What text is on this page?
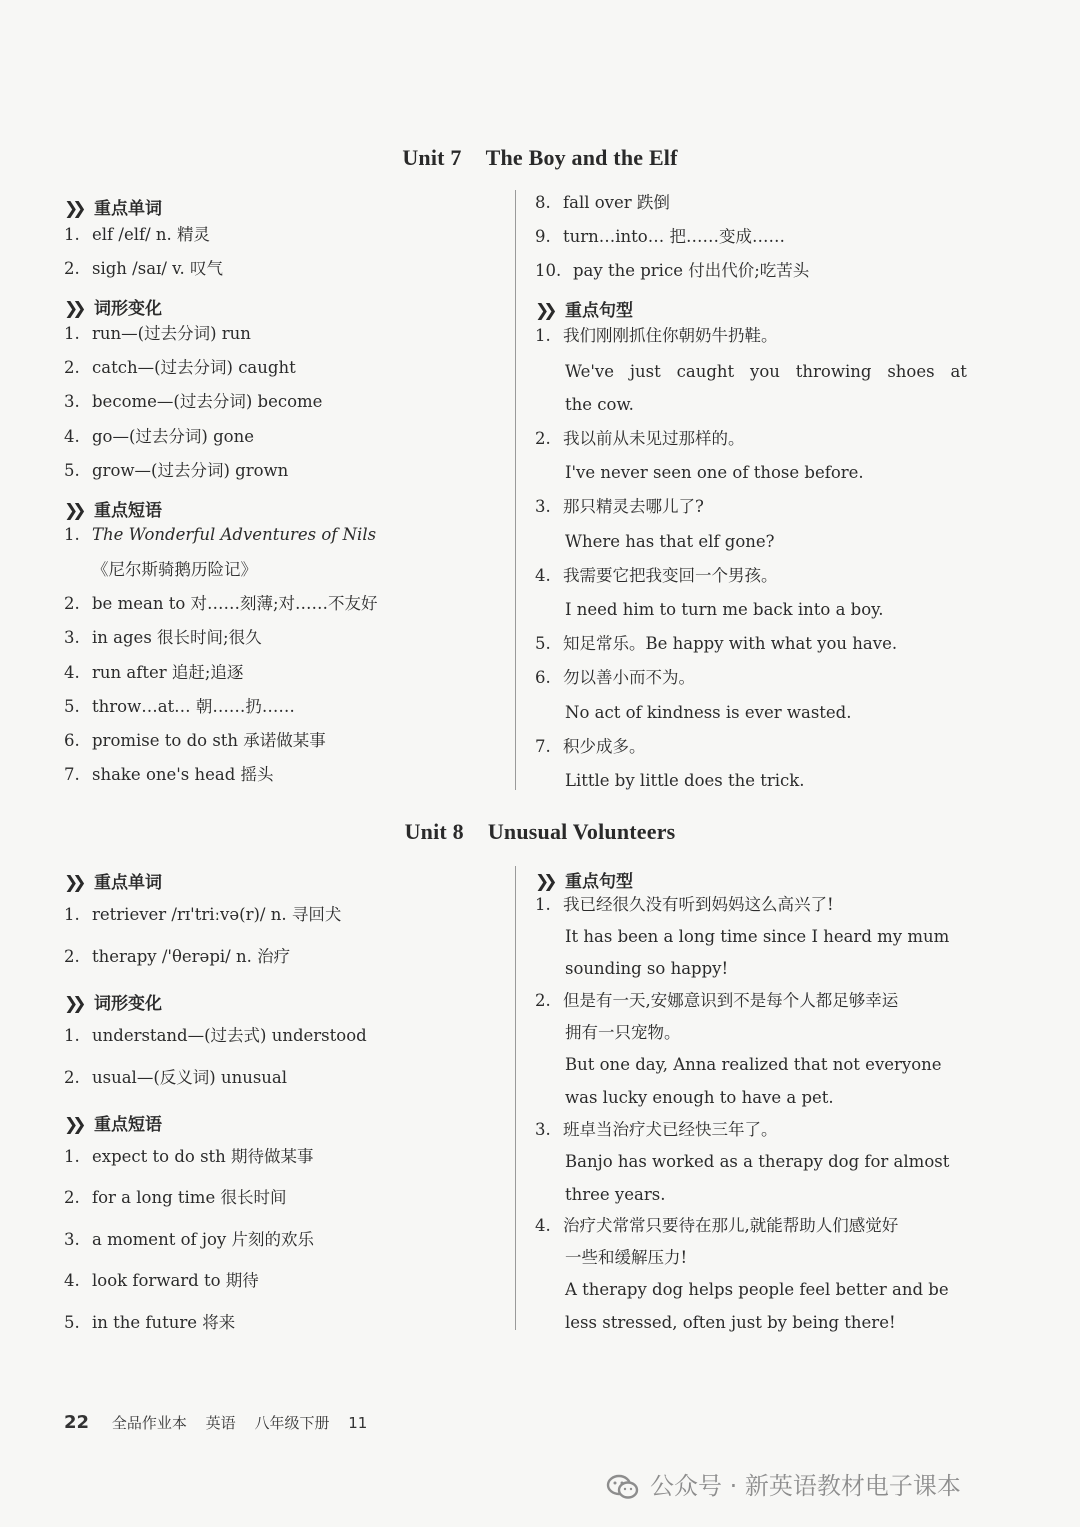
Unit 7 The Boy and the Elf
❯❯ 重点单词
1. elf /elf/ n. 精灵
2. sigh /saɪ/ v. 叹气
❯❯ 词形变化
1. run—(过去分词) run
2. catch—(过去分词) caught
3. become—(过去分词) become
4. go—(过去分词) gone
5. grow—(过去分词) grown
❯❯ 重点短语
1. The Wonderful Adventures of Nils
《尼尔斯骑鹅历险记》
2. be mean to 对……刻薄;对……不友好
3. in ages 很长时间;很久
4. run after 追赶;追逐
5. throw…at… 朝……扔……
6. promise to do sth 承诺做某事
7. shake one's head 摇头
8. fall over 跌倒
9. turn…into… 把……变成……
10. pay the price 付出代价;吃苦头
❯❯ 重点句型
1. 我们刚刚抓住你朝奶牛扔鞋。
We've just caught you throwing shoes at
the cow.
2. 我以前从未见过那样的。
I've never seen one of those before.
3. 那只精灵去哪儿了?
Where has that elf gone?
4. 我需要它把我变回一个男孩。
I need him to turn me back into a boy.
5. 知足常乐。Be happy with what you have.
6. 勿以善小而不为。
No act of kindness is ever wasted.
7. 积少成多。
Little by little does the trick.
Unit 8 Unusual Volunteers
❯❯ 重点单词
1. retriever /rɪ'triːvə(r)/ n. 寻回犬
2. therapy /'θerəpi/ n. 治疗
❯❯ 词形变化
1. understand—(过去式) understood
2. usual—(反义词) unusual
❯❯ 重点短语
1. expect to do sth 期待做某事
2. for a long time 很长时间
3. a moment of joy 片刻的欢乐
4. look forward to 期待
5. in the future 将来
❯❯ 重点句型
1. 我已经很久没有听到妈妈这么高兴了!
It has been a long time since I heard my mum
sounding so happy!
2. 但是有一天,安娜意识到不是每个人都足够幸运
拥有一只宠物。
But one day, Anna realized that not everyone
was lucky enough to have a pet.
3. 班卓当治疗犬已经快三年了。
Banjo has worked as a therapy dog for almost
three years.
4. 治疗犬常常只要待在那儿,就能帮助人们感觉好
一些和缓解压力!
A therapy dog helps people feel better and be
less stressed, often just by being there!
22 全品作业本 英语 八年级下册 11
公众号 · 新英语教材电子课本
